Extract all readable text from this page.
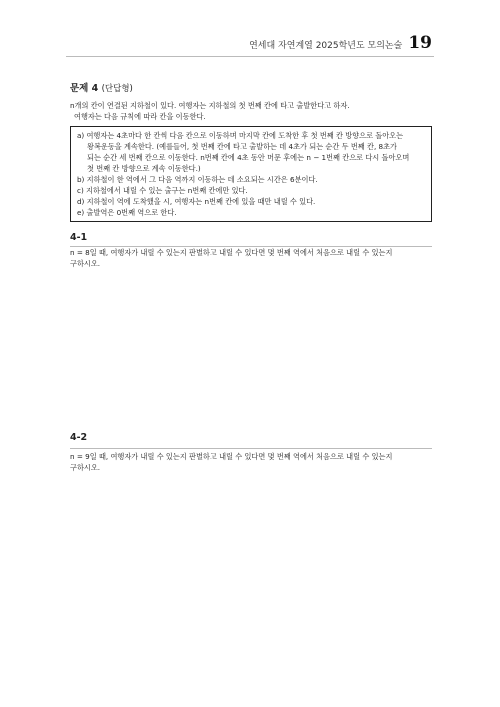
연세대 자연계열 2025학년도 모의논술 19

문제 4 (단답형)

n개의 칸이 연결된 지하철이 있다. 여행자는 지하철의 첫 번째 칸에 타고 출발한다고 하자.

여행자는 다음 규칙에 따라 칸을 이동한다.

a) 여행자는 4초마다 한 칸씩 다음 칸으로 이동하며 마지막 칸에 도착한 후 첫 번째 칸 방향으로 돌아오는
왕복운동을 계속한다. (예를들어, 첫 번째 칸에 타고 출발하는 데 4초가 되는 순간 두 번째 칸, 8초가
되는 순간 세 번째 칸으로 이동한다. n번째 칸에 4초 동안 머문 후에는 n − 1번째 칸으로 다시 돌아오며
첫 번째 칸 방향으로 계속 이동한다.)

b) 지하철이 한 역에서 그 다음 역까지 이동하는 데 소요되는 시간은 6분이다.

c) 지하철에서 내릴 수 있는 출구는 n번째 칸에만 있다.

d) 지하철이 역에 도착했을 시, 여행자는 n번째 칸에 있을 때만 내릴 수 있다.

e) 출발역은 0번째 역으로 한다.

4-1

n = 8일 때, 여행자가 내릴 수 있는지 판별하고 내릴 수 있다면 몇 번째 역에서 처음으로 내릴 수 있는지

구하시오.

4-2

n = 9일 때, 여행자가 내릴 수 있는지 판별하고 내릴 수 있다면 몇 번째 역에서 처음으로 내릴 수 있는지

구하시오.
